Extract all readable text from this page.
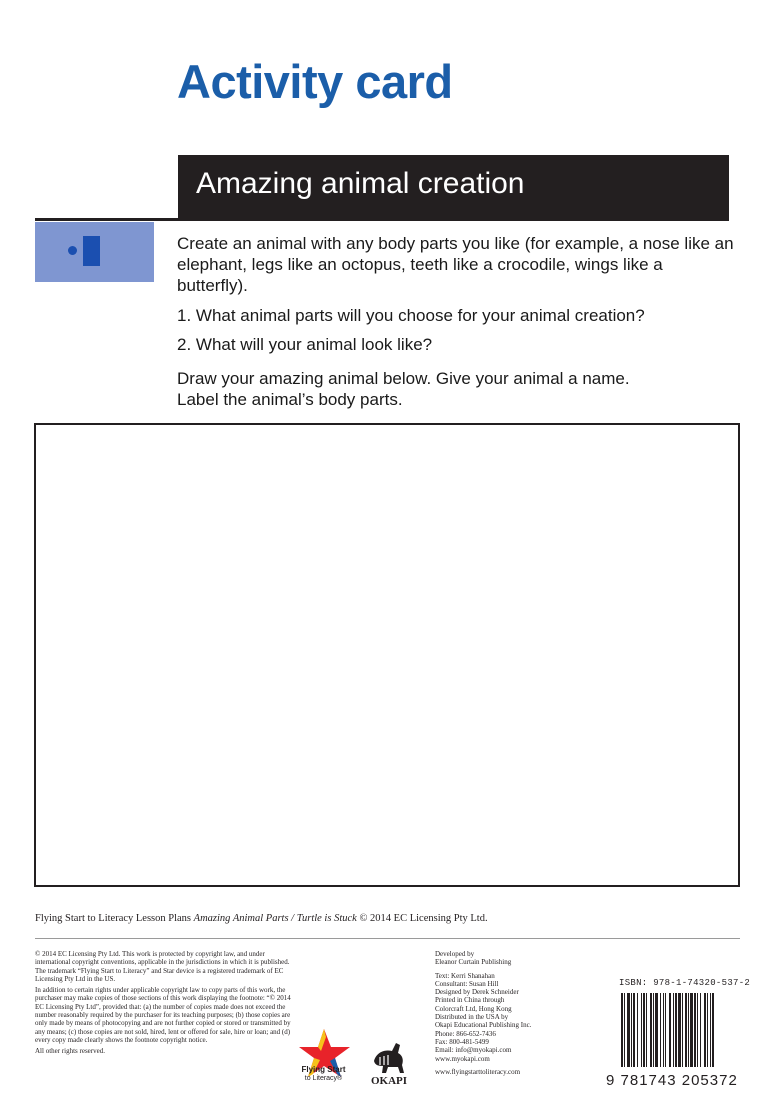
Activity card
Amazing animal creation

Create an animal with any body parts you like (for example, a nose like an elephant, legs like an octopus, teeth like a crocodile, wings like a butterfly).

1. What animal parts will you choose for your animal creation?

2. What will your animal look like?

Draw your amazing animal below. Give your animal a name.

Label the animal’s body parts.

Flying Start to Literacy Lesson Plans Amazing Animal Parts / Turtle is Stuck © 2014 EC Licensing Pty Ltd.

© 2014 EC Licensing Pty Ltd. This work is protected by copyright law, and under international copyright conventions, applicable in the jurisdictions in which it is published. The trademark “Flying Start to Literacy” and Star device is a registered trademark of EC Licensing Pty Ltd in the US.

In addition to certain rights under applicable copyright law to copy parts of this work, the purchaser may make copies of those sections of this work displaying the footnote: “© 2014 EC Licensing Pty Ltd”, provided that: (a) the number of copies made does not exceed the number reasonably required by the purchaser for its teaching purposes; (b) those copies are only made by means of photocopying and are not further copied or stored or transmitted by any means; (c) those copies are not sold, hired, lent or offered for sale, hire or loan; and (d) every copy made clearly shows the footnote copyright notice.

All other rights reserved.

Developed by
Eleanor Curtain Publishing

Text: Kerri Shanahan
Consultant: Susan Hill
Designed by Derek Schneider
Printed in China through
Colorcraft Ltd, Hong Kong
Distributed in the USA by
Okapi Educational Publishing Inc.
Phone: 866-652-7436
Fax: 800-481-5499
Email: info@myokapi.com
www.myokapi.com

www.flyingstarttoliteracy.com

Flying Start
to Literacy®	OKAPI
ISBN: 978-1-74320-537-2
9 781743 205372
